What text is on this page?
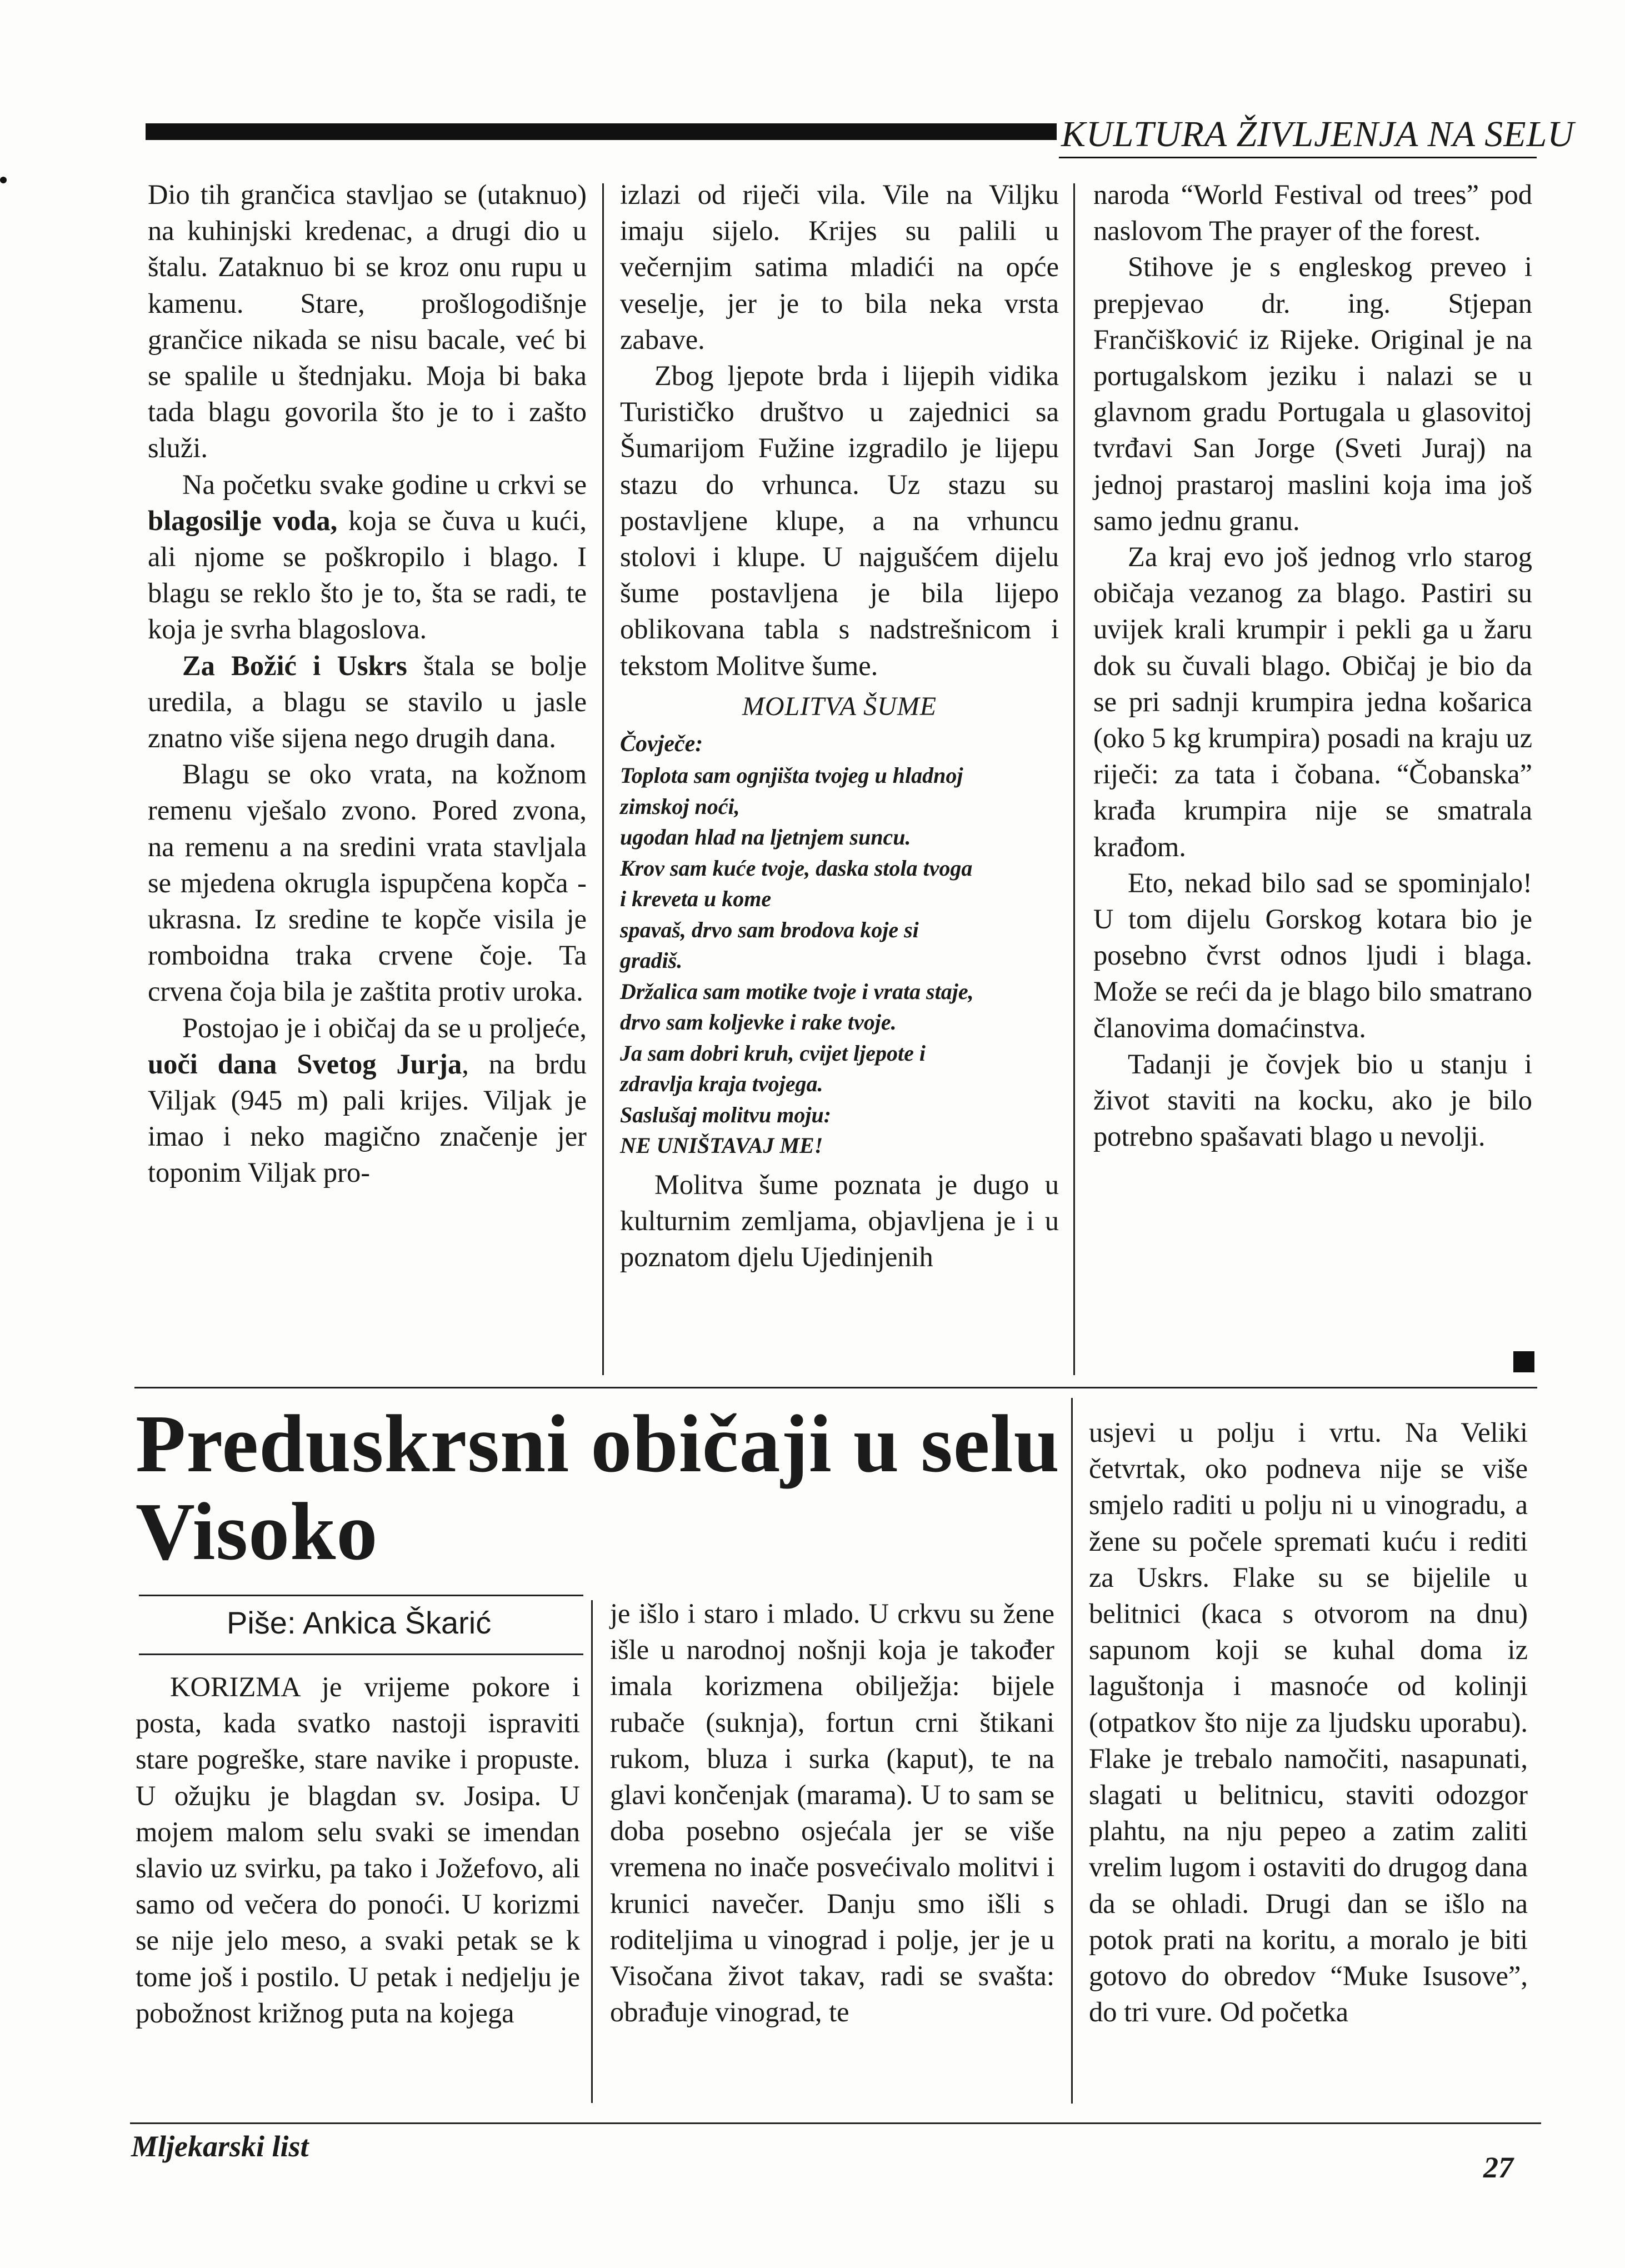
KULTURA ŽIVLJENJA NA SELU

Dio tih grančica stavljao se (utaknuo) na kuhinjski kredenac, a drugi dio u štalu. Zataknuo bi se kroz onu rupu u kamenu. Stare, prošlogodišnje grančice nikada se nisu bacale, već bi se spalile u štednjaku. Moja bi baka tada blagu govorila što je to i zašto služi.

Na početku svake godine u crkvi se blagosilje voda, koja se čuva u kući, ali njome se poškropilo i blago. I blagu se reklo što je to, šta se radi, te koja je svrha blagoslova.

Za Božić i Uskrs štala se bolje uredila, a blagu se stavilo u jasle znatno više sijena nego drugih dana.

Blagu se oko vrata, na kožnom remenu vješalo zvono. Pored zvona, na remenu a na sredini vrata stavljala se mjedena okrugla ispupčena kopča - ukrasna. Iz sredine te kopče visila je romboidna traka crvene čoje. Ta crvena čoja bila je zaštita protiv uroka.

Postojao je i običaj da se u proljeće, uoči dana Svetog Jurja, na brdu Viljak (945 m) pali krijes. Viljak je imao i neko magično značenje jer toponim Viljak pro-

izlazi od riječi vila. Vile na Viljku imaju sijelo. Krijes su palili u večernjim satima mladići na opće veselje, jer je to bila neka vrsta zabave.

Zbog ljepote brda i lijepih vidika Turističko društvo u zajednici sa Šumarijom Fužine izgradilo je lijepu stazu do vrhunca. Uz stazu su postavljene klupe, a na vrhuncu stolovi i klupe. U najgušćem dijelu šume postavljena je bila lijepo oblikovana tabla s nadstrešnicom i tekstom Molitve šume.

MOLITVA ŠUME
Čovječe:
Toplota sam ognjišta tvojeg u hladnoj
zimskoj noći,
ugodan hlad na ljetnjem suncu.
Krov sam kuće tvoje, daska stola tvoga
i kreveta u kome
spavaš, drvo sam brodova koje si
gradiš.
Držalica sam motike tvoje i vrata staje,
drvo sam koljevke i rake tvoje.
Ja sam dobri kruh, cvijet ljepote i
zdravlja kraja tvojega.
Saslušaj molitvu moju:
NE UNIŠTAVAJ ME!

Molitva šume poznata je dugo u kulturnim zemljama, objavljena je i u poznatom djelu Ujedinjenih

naroda “World Festival od trees” pod naslovom The prayer of the forest.

Stihove je s engleskog preveo i prepjevao dr. ing. Stjepan Frančišković iz Rijeke. Original je na portugalskom jeziku i nalazi se u glavnom gradu Portugala u glasovitoj tvrđavi San Jorge (Sveti Juraj) na jednoj prastaroj maslini koja ima još samo jednu granu.

Za kraj evo još jednog vrlo starog običaja vezanog za blago. Pastiri su uvijek krali krumpir i pekli ga u žaru dok su čuvali blago. Običaj je bio da se pri sadnji krumpira jedna košarica (oko 5 kg krumpira) posadi na kraju uz riječi: za tata i čobana. “Čobanska” krađa krumpira nije se smatrala krađom.

Eto, nekad bilo sad se spominjalo! U tom dijelu Gorskog kotara bio je posebno čvrst odnos ljudi i blaga. Može se reći da je blago bilo smatrano članovima domaćinstva.

Tadanji je čovjek bio u stanju i život staviti na kocku, ako je bilo potrebno spašavati blago u nevolji.

Preduskrsni običaji u selu Visoko
Piše: Ankica Škarić

KORIZMA je vrijeme pokore i posta, kada svatko nastoji ispraviti stare pogreške, stare navike i propuste. U ožujku je blagdan sv. Josipa. U mojem malom selu svaki se imendan slavio uz svirku, pa tako i Jožefovo, ali samo od večera do ponoći. U korizmi se nije jelo meso, a svaki petak se k tome još i postilo. U petak i nedjelju je pobožnost križnog puta na kojega

je išlo i staro i mlado. U crkvu su žene išle u narodnoj nošnji koja je također imala korizmena obilježja: bijele rubače (suknja), fortun crni štikani rukom, bluza i surka (kaput), te na glavi končenjak (marama). U to sam se doba posebno osjećala jer se više vremena no inače posvećivalo molitvi i krunici navečer. Danju smo išli s roditeljima u vinograd i polje, jer je u Visočana život takav, radi se svašta: obrađuje vinograd, te

usjevi u polju i vrtu. Na Veliki četvrtak, oko podneva nije se više smjelo raditi u polju ni u vinogradu, a žene su počele spremati kuću i rediti za Uskrs. Flake su se bijelile u belitnici (kaca s otvorom na dnu) sapunom koji se kuhal doma iz laguštonja i masnoće od kolinji (otpatkov što nije za ljudsku uporabu). Flake je trebalo namočiti, nasapunati, slagati u belitnicu, staviti odozgor plahtu, na nju pepeo a zatim zaliti vrelim lugom i ostaviti do drugog dana da se ohladi. Drugi dan se išlo na potok prati na koritu, a moralo je biti gotovo do obredov “Muke Isusove”, do tri vure. Od početka

Mljekarski list
27
